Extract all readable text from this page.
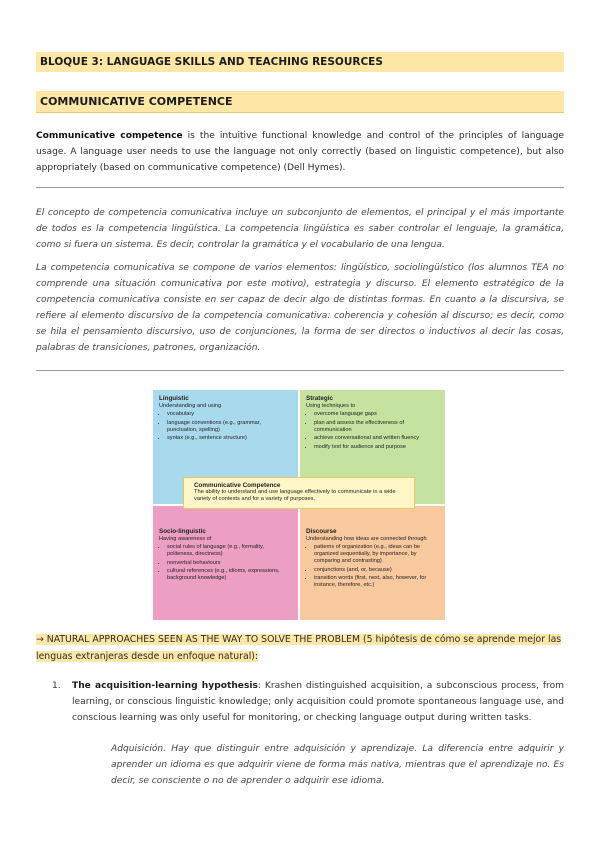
BLOQUE 3: LANGUAGE SKILLS AND TEACHING RESOURCES
COMMUNICATIVE COMPETENCE
Communicative competence is the intuitive functional knowledge and control of the principles of language usage. A language user needs to use the language not only correctly (based on linguistic competence), but also appropriately (based on communicative competence) (Dell Hymes).
El concepto de competencia comunicativa incluye un subconjunto de elementos, el principal y el más importante de todos es la competencia lingüística. La competencia lingüística es saber controlar el lenguaje, la gramática, como si fuera un sistema. Es decir, controlar la gramática y el vocabulario de una lengua.
La competencia comunicativa se compone de varios elementos: lingüístico, sociolingüístico (los alumnos TEA no comprende una situación comunicativa por este motivo), estrategia y discurso. El elemento estratégico de la competencia comunicativa consiste en ser capaz de decir algo de distintas formas. En cuanto a la discursiva, se refiere al elemento discursivo de la competencia comunicativa: coherencia y cohesión al discurso; es decir, como se hila el pensamiento discursivo, uso de conjunciones, la forma de ser directos o inductivos al decir las cosas, palabras de transiciones, patrones, organización.
Linguistic
Understanding and using
• vocabulary
• language conventions (e.g., grammar, punctuation, spelling)
• syntax (e.g., sentence structure)
Strategic
Using techniques to
• overcome language gaps
• plan and assess the effectiveness of communication
• achieve conversational and written fluency
• modify text for audience and purpose
Socio-linguistic
Having awareness of
• social rules of language (e.g., formality, politeness, directness)
• nonverbal behaviours
• cultural references (e.g., idioms, expressions, background knowledge)
Discourse
Understanding how ideas are connected through
• patterns of organization (e.g., ideas can be organized sequentially, by importance, by comparing and contrasting)
• conjunctions (and, or, because)
• transition words (first, next, also, however, for instance, therefore, etc.)
Communicative Competence
The ability to understand and use language effectively to communicate in a wide variety of contexts and for a variety of purposes.
→ NATURAL APPROACHES SEEN AS THE WAY TO SOLVE THE PROBLEM (5 hipótesis de cómo se aprende mejor las lenguas extranjeras desde un enfoque natural):
1. The acquisition-learning hypothesis: Krashen distinguished acquisition, a subconscious process, from learning, or conscious linguistic knowledge; only acquisition could promote spontaneous language use, and conscious learning was only useful for monitoring, or checking language output during written tasks.
Adquisición. Hay que distinguir entre adquisición y aprendizaje. La diferencia entre adquirir y aprender un idioma es que adquirir viene de forma más nativa, mientras que el aprendizaje no. Es decir, se consciente o no de aprender o adquirir ese idioma.
